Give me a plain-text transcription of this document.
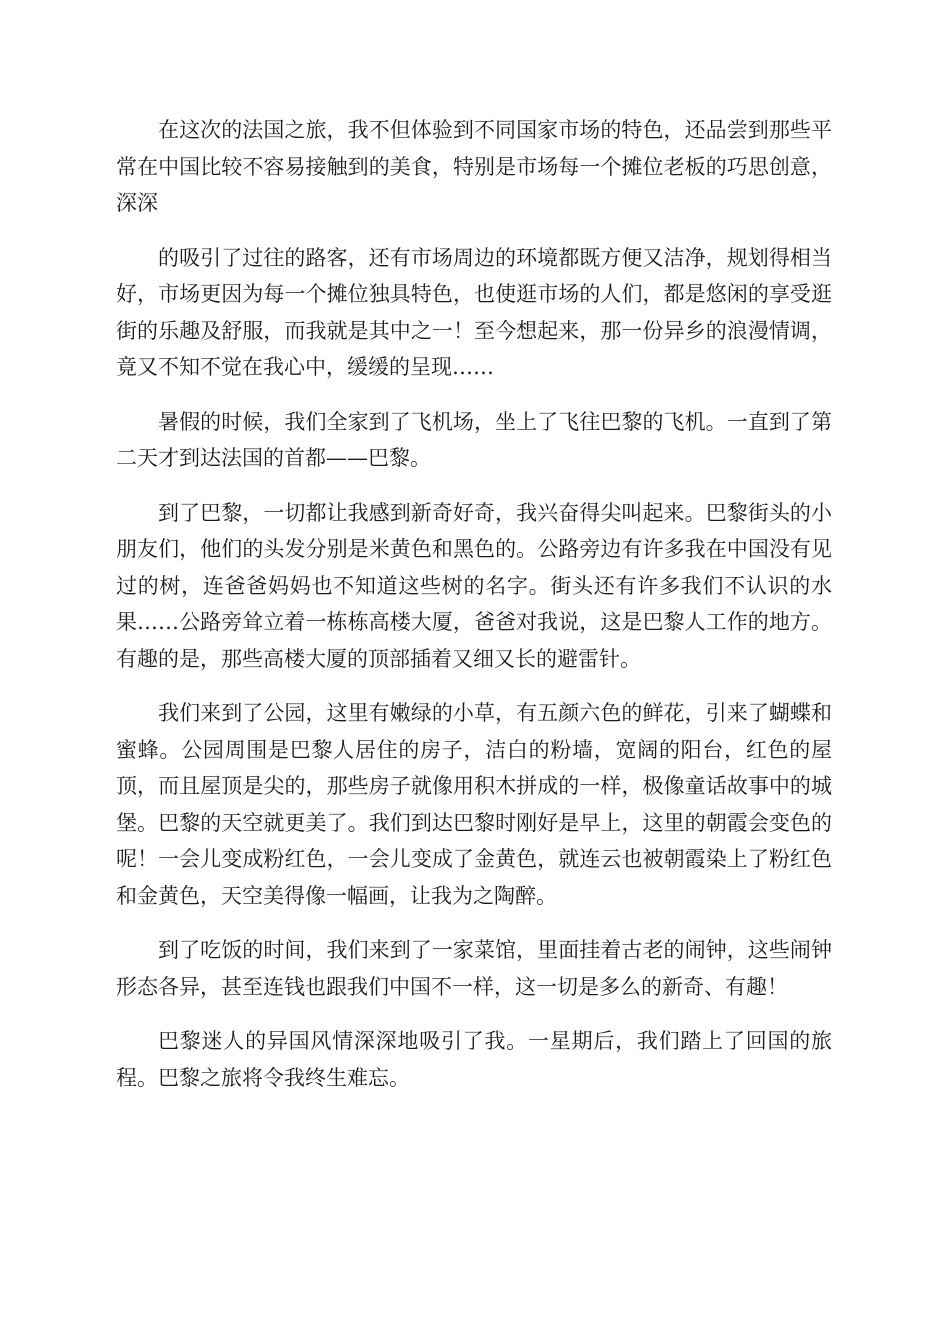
在这次的法国之旅，我不但体验到不同国家市场的特色，还品尝到那些平常在中国比较不容易接触到的美食，特别是市场每一个摊位老板的巧思创意，深深

的吸引了过往的路客，还有市场周边的环境都既方便又洁净，规划得相当好，市场更因为每一个摊位独具特色，也使逛市场的人们，都是悠闲的享受逛街的乐趣及舒服，而我就是其中之一！至今想起来，那一份异乡的浪漫情调，竟又不知不觉在我心中，缓缓的呈现……

暑假的时候，我们全家到了飞机场，坐上了飞往巴黎的飞机。一直到了第二天才到达法国的首都——巴黎。

到了巴黎，一切都让我感到新奇好奇，我兴奋得尖叫起来。巴黎街头的小朋友们，他们的头发分别是米黄色和黑色的。公路旁边有许多我在中国没有见过的树，连爸爸妈妈也不知道这些树的名字。街头还有许多我们不认识的水果……公路旁耸立着一栋栋高楼大厦，爸爸对我说，这是巴黎人工作的地方。有趣的是，那些高楼大厦的顶部插着又细又长的避雷针。

我们来到了公园，这里有嫩绿的小草，有五颜六色的鲜花，引来了蝴蝶和蜜蜂。公园周围是巴黎人居住的房子，洁白的粉墙，宽阔的阳台，红色的屋顶，而且屋顶是尖的，那些房子就像用积木拼成的一样，极像童话故事中的城堡。巴黎的天空就更美了。我们到达巴黎时刚好是早上，这里的朝霞会变色的呢！一会儿变成粉红色，一会儿变成了金黄色，就连云也被朝霞染上了粉红色和金黄色，天空美得像一幅画，让我为之陶醉。

到了吃饭的时间，我们来到了一家菜馆，里面挂着古老的闹钟，这些闹钟形态各异，甚至连钱也跟我们中国不一样，这一切是多么的新奇、有趣！

巴黎迷人的异国风情深深地吸引了我。一星期后，我们踏上了回国的旅程。巴黎之旅将令我终生难忘。
